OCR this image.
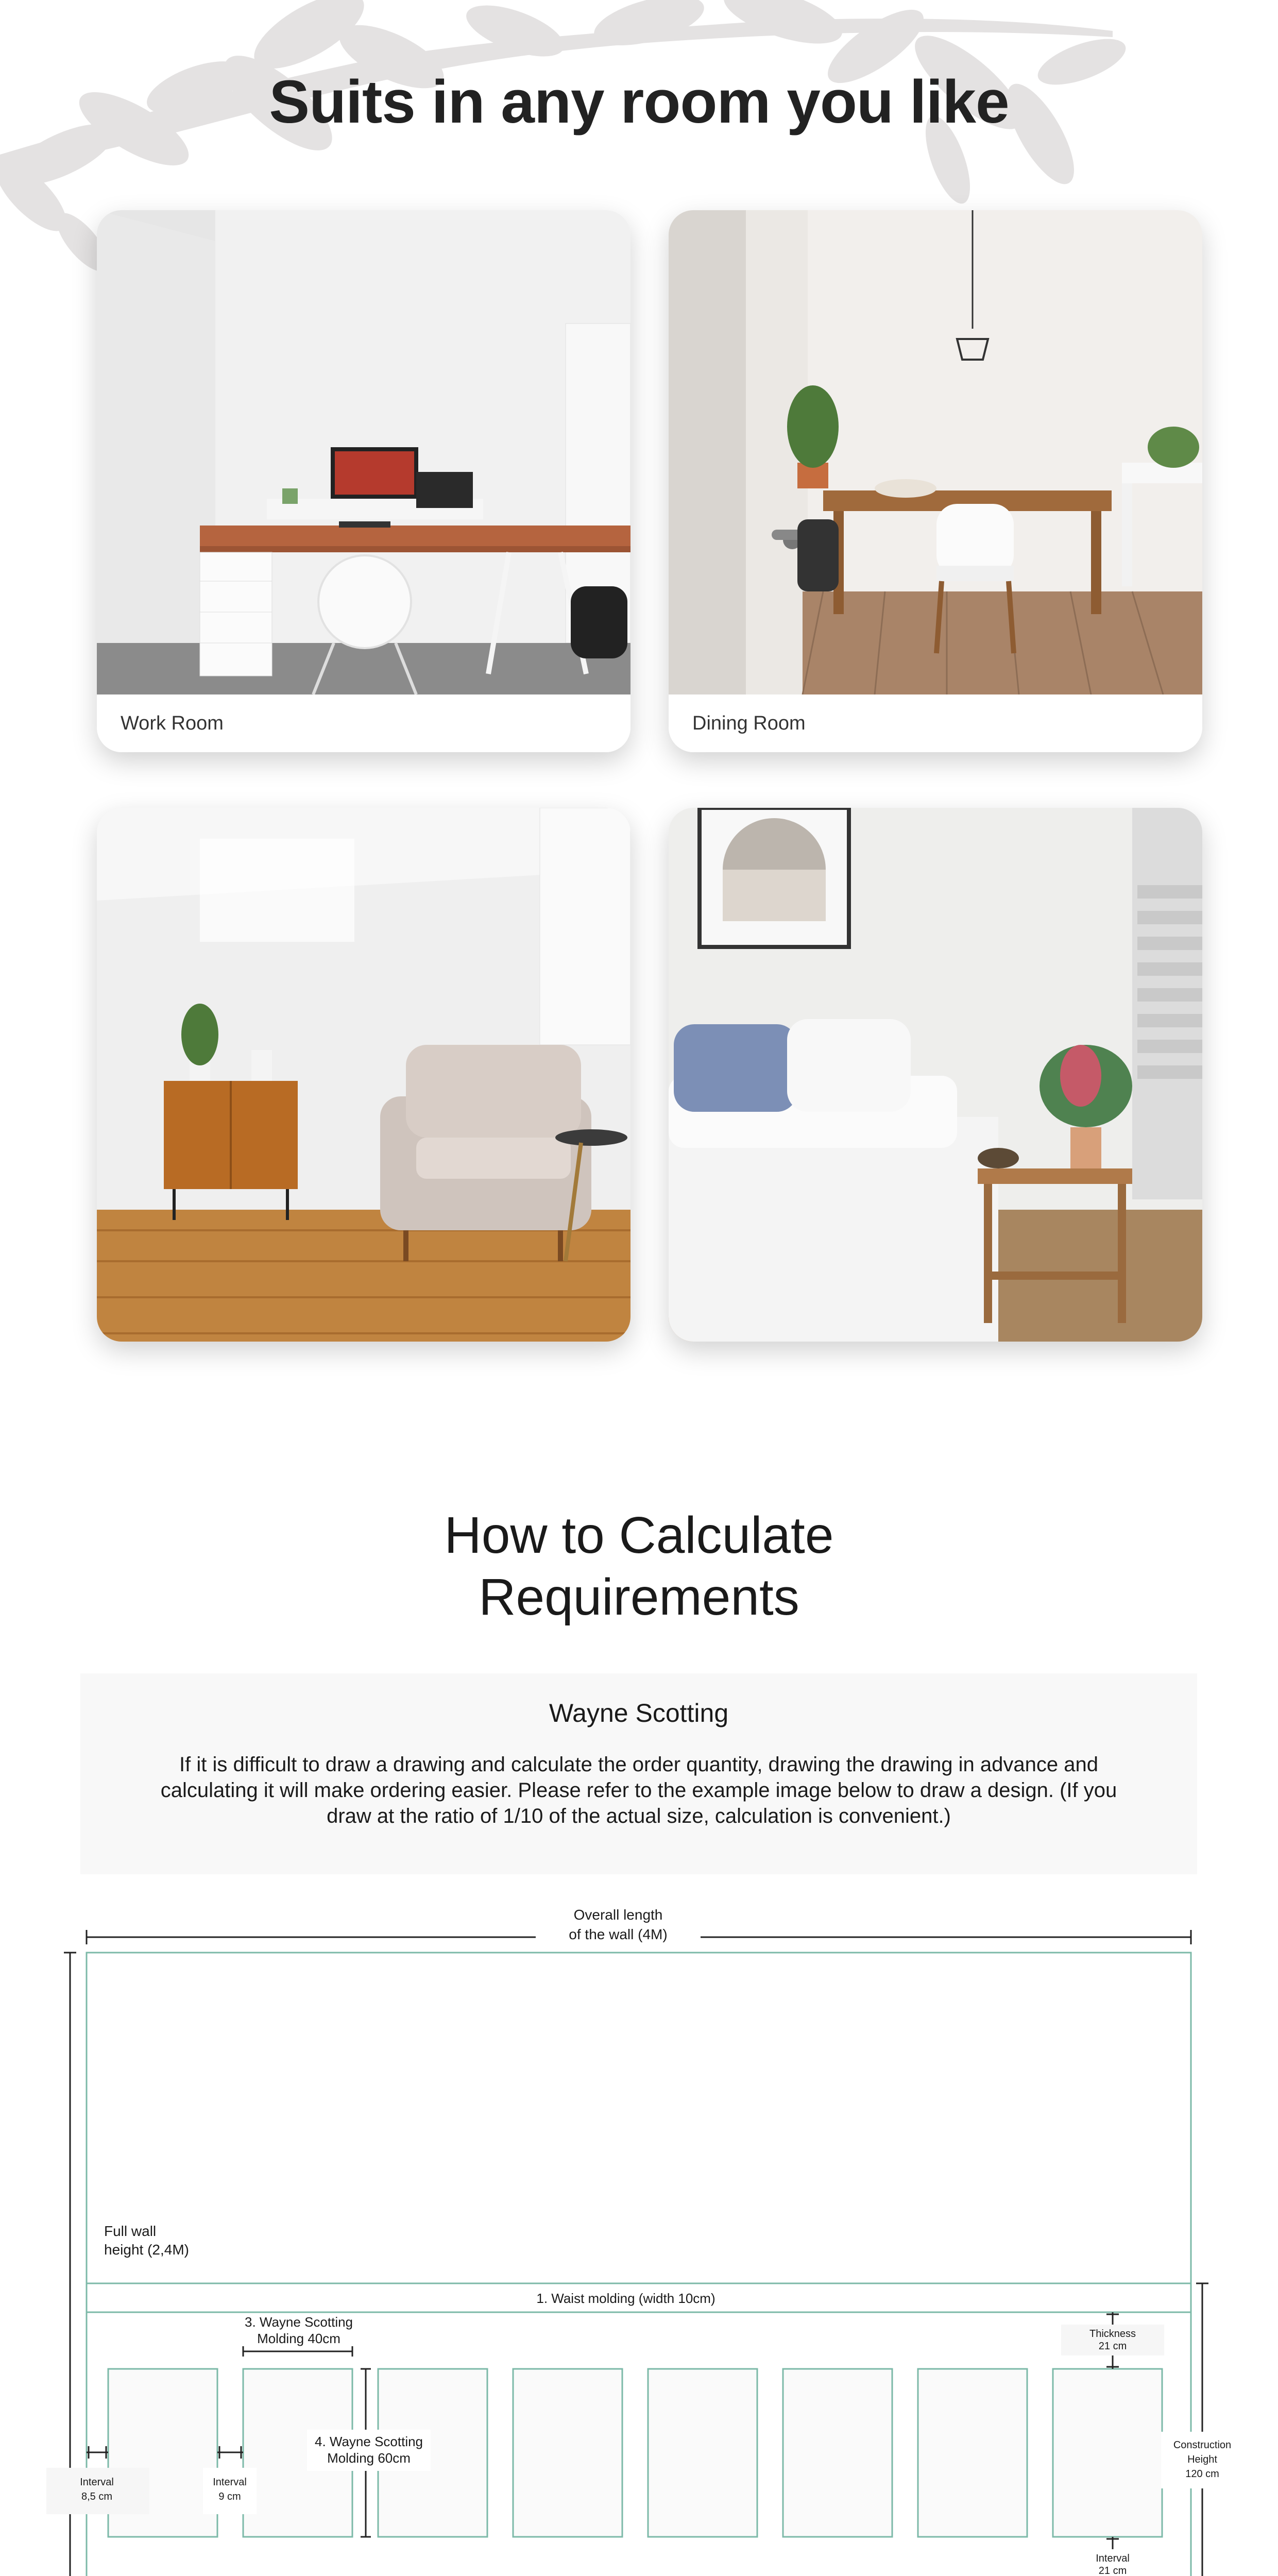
Suits in any room you like
Work Room	Dining Room
How to Calculate
Requirements
Wayne Scotting
If it is difficult to draw a drawing and calculate the order quantity, drawing the drawing in advance and calculating it will make ordering easier. Please refer to the example image below to draw a design. (If you draw at the ratio of 1/10 of the actual size, calculation is convenient.)
Overall length
of the wall (4M)
Full wall
height (2,4M)
1. Waist molding (width 10cm)
3. Wayne Scotting
Molding 40cm
4. Wayne Scotting
Molding 60cm
Interval
8,5 cm
Interval
9 cm
Thickness
21 cm
Construction
Height
120 cm
Interval
21 cm
